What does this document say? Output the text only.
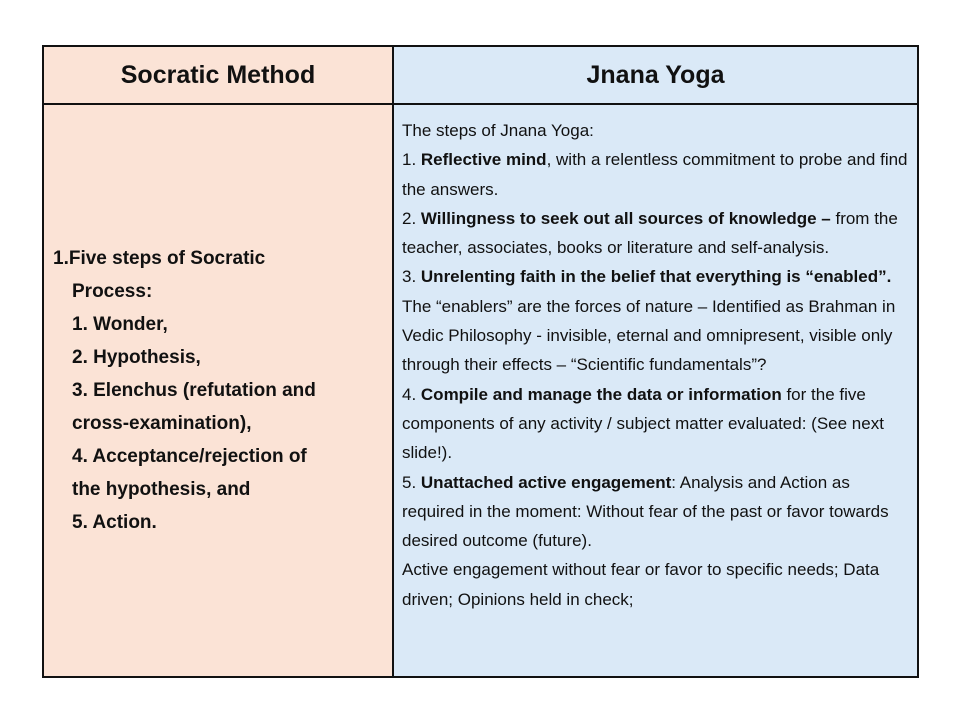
Socratic Method	Jnana Yoga
1.Five steps of Socratic
Process:
1. Wonder,
2. Hypothesis,
3. Elenchus (refutation and
cross-examination),
4. Acceptance/rejection of
the hypothesis, and
5. Action.
The steps of Jnana Yoga:
1. Reflective mind, with a relentless commitment to probe and find the answers.
2. Willingness to seek out all sources of knowledge – from the teacher, associates, books or literature and self-analysis.
3. Unrelenting faith in the belief that everything is “enabled”. The “enablers” are the forces of nature – Identified as Brahman in Vedic Philosophy - invisible, eternal and omnipresent, visible only through their effects – “Scientific fundamentals”?
4. Compile and manage the data or information for the five components of any activity / subject matter evaluated: (See next slide!).
5. Unattached active engagement: Analysis and Action as required in the moment: Without fear of the past or favor towards desired outcome (future).
Active engagement without fear or favor to specific needs; Data driven; Opinions held in check;
